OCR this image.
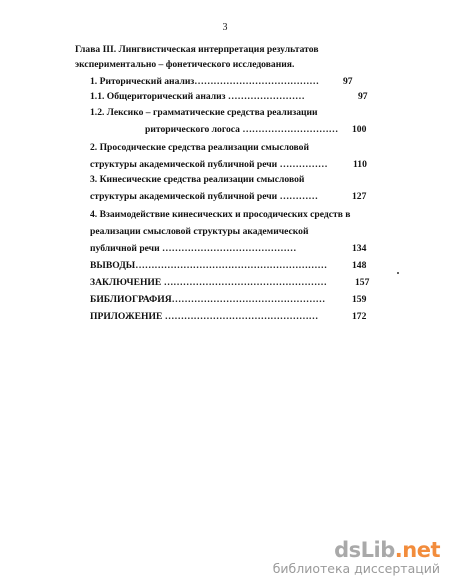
3
Глава III. Лингвистическая интерпретация результатов
экспериментально – фонетического исследования.
1. Риторический анализ…………………………………	97
1.1. Общериторический анализ ……………………	97
1.2. Лексико – грамматические средства реализации
риторического логоса ………………………… 100
2. Просодические средства реализации смысловой
структуры академической публичной речи ……………	110
3. Кинесические средства реализации смысловой
структуры академической публичной речи …………	127
4. Взаимодействие кинесических и просодических средств в
реализации смысловой структуры академической
публичной речи ……………………………………	134
ВЫВОДЫ……………………………………………………	148
ЗАКЛЮЧЕНИЕ ……………………………………………	157
БИБЛИОГРАФИЯ…………………………………………	159
ПРИЛОЖЕНИЕ …………………………………………	172
dsLib.net
библиотека диссертаций
